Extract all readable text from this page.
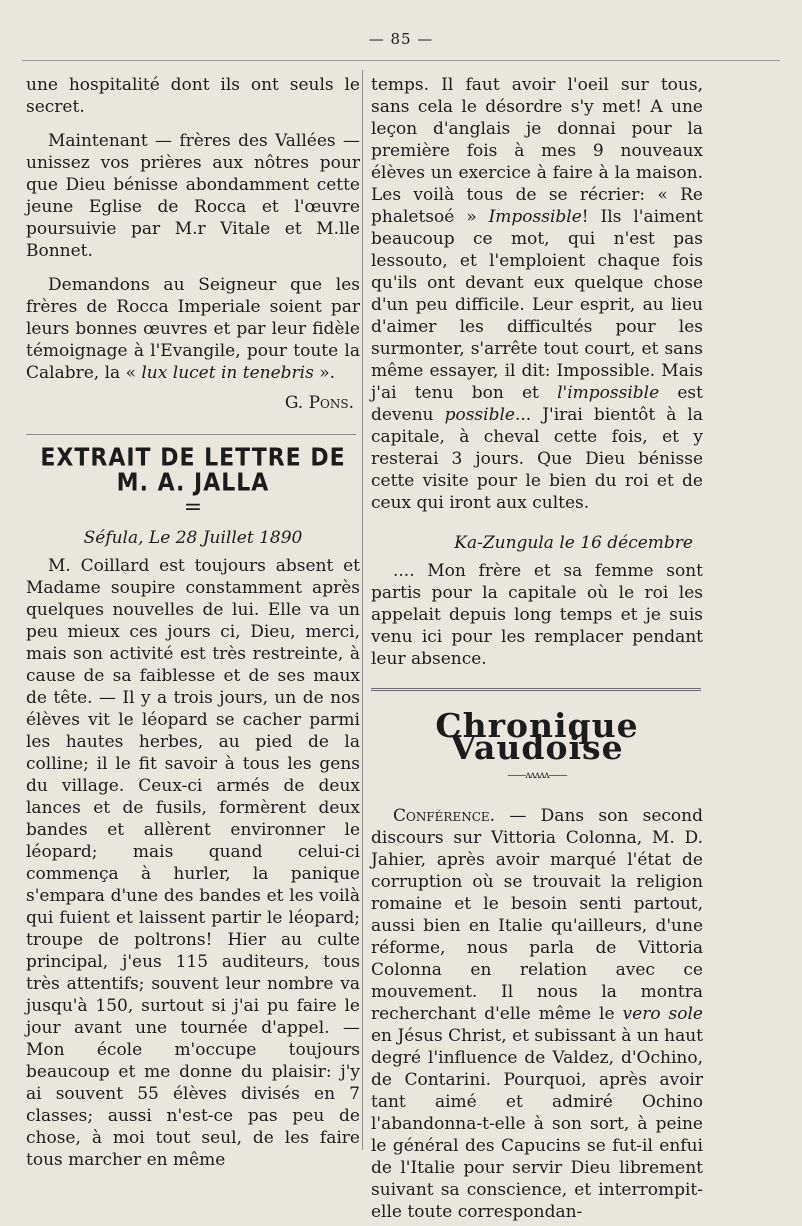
— 85 —

une hospitalité dont ils ont seuls le secret.

Maintenant — frères des Vallées — unissez vos prières aux nôtres pour que Dieu bénisse abondamment cette jeune Eglise de Rocca et l'œuvre poursuivie par M.r Vitale et M.lle Bonnet.

Demandons au Seigneur que les frères de Rocca Imperiale soient par leurs bonnes œuvres et par leur fidèle témoignage à l'Evangile, pour toute la Calabre, la « lux lucet in tenebris ».

G. Pons.

EXTRAIT DE LETTRE DE M. A. JALLA

=

Séfula, Le 28 Juillet 1890

M. Coillard est toujours absent et Madame soupire constamment après quelques nouvelles de lui. Elle va un peu mieux ces jours ci, Dieu, merci, mais son activité est très restreinte, à cause de sa faiblesse et de ses maux de tête. — Il y a trois jours, un de nos élèves vit le léopard se cacher parmi les hautes herbes, au pied de la colline; il le fit savoir à tous les gens du village. Ceux-ci armés de deux lances et de fusils, formèrent deux bandes et allèrent environner le léopard; mais quand celui-ci commença à hurler, la panique s'empara d'une des bandes et les voilà qui fuient et laissent partir le léopard; troupe de poltrons! Hier au culte principal, j'eus 115 auditeurs, tous très attentifs; souvent leur nombre va jusqu'à 150, surtout si j'ai pu faire le jour avant une tournée d'appel. — Mon école m'occupe toujours beaucoup et me donne du plaisir: j'y ai souvent 55 élèves divisés en 7 classes; aussi n'est-ce pas peu de chose, à moi tout seul, de les faire tous marcher en même

temps. Il faut avoir l'oeil sur tous, sans cela le désordre s'y met! A une leçon d'anglais je donnai pour la première fois à mes 9 nouveaux élèves un exercice à faire à la maison. Les voilà tous de se récrier: « Re phaletsoé » Impossible! Ils l'aiment beaucoup ce mot, qui n'est pas lessouto, et l'emploient chaque fois qu'ils ont devant eux quelque chose d'un peu difficile. Leur esprit, au lieu d'aimer les difficultés pour les surmonter, s'arrête tout court, et sans même essayer, il dit: Impossible. Mais j'ai tenu bon et l'impossible est devenu possible... J'irai bientôt à la capitale, à cheval cette fois, et y resterai 3 jours. Que Dieu bénisse cette visite pour le bien du roi et de ceux qui iront aux cultes.

Ka-Zungula le 16 décembre

.... Mon frère et sa femme sont partis pour la capitale où le roi les appelait depuis long temps et je suis venu ici pour les remplacer pendant leur absence.

Chronique Vaudoise

——ʌʌʌʌʌ——

Conférence. — Dans son second discours sur Vittoria Colonna, M. D. Jahier, après avoir marqué l'état de corruption où se trouvait la religion romaine et le besoin senti partout, aussi bien en Italie qu'ailleurs, d'une réforme, nous parla de Vittoria Colonna en relation avec ce mouvement. Il nous la montra recherchant d'elle même le vero sole en Jésus Christ, et subissant à un haut degré l'influence de Valdez, d'Ochino, de Contarini. Pourquoi, après avoir tant aimé et admiré Ochino l'abandonna-t-elle à son sort, à peine le général des Capucins se fut-il enfui de l'Italie pour servir Dieu librement suivant sa conscience, et interrompit-elle toute correspondan-
